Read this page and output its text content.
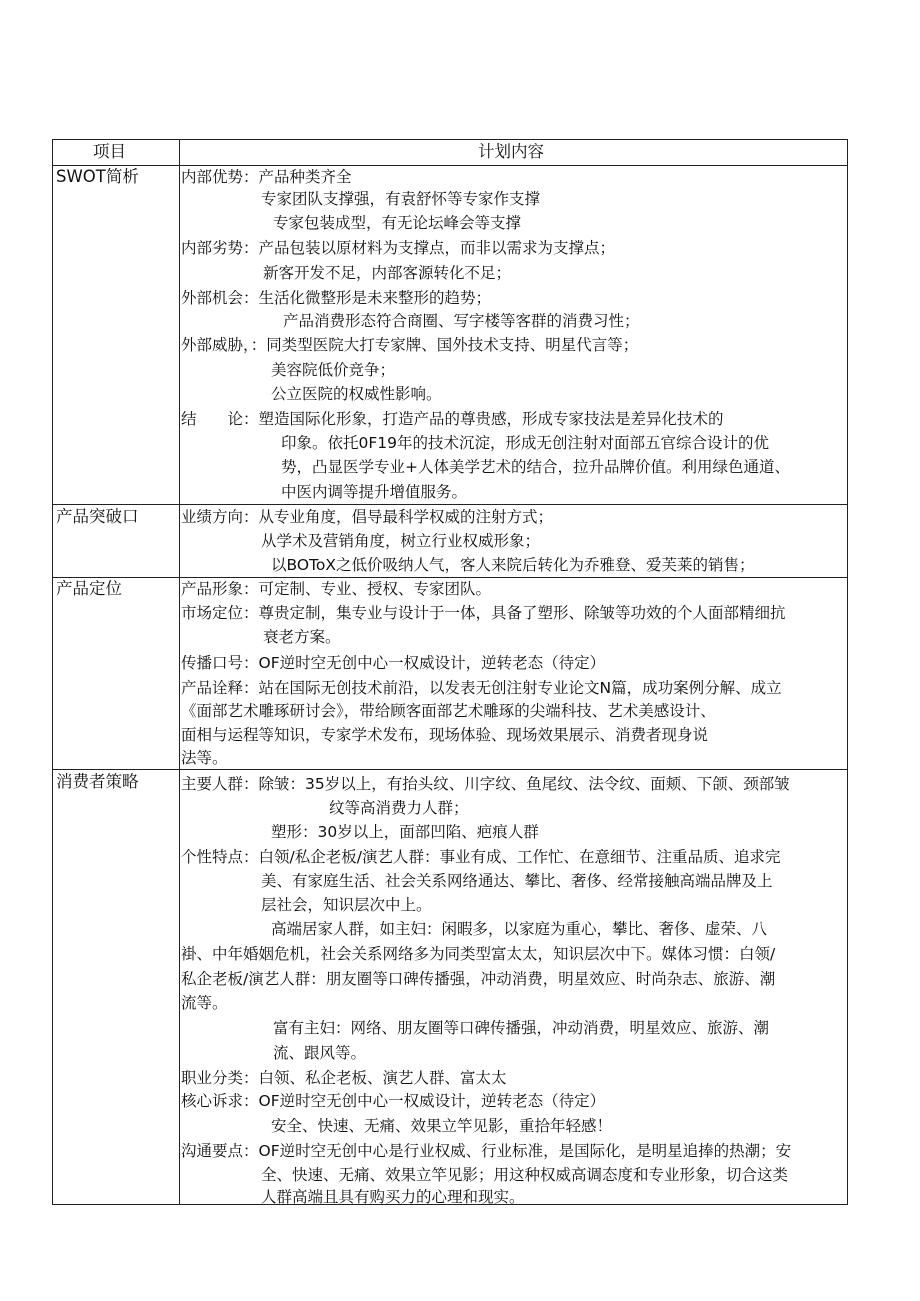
项目	计划内容
SWOT简析	内部优势：产品种类齐全
专家团队支撑强，有袁舒怀等专家作支撑
专家包装成型，有无论坛峰会等支撑
内部劣势：产品包装以原材料为支撑点，而非以需求为支撑点；
新客开发不足，内部客源转化不足；
外部机会：生活化微整形是未来整形的趋势；
产品消费形态符合商圈、写字楼等客群的消费习性；
外部威胁，：同类型医院大打专家牌、国外技术支持、明星代言等；
美容院低价竞争；
公立医院的权威性影响。
结　　论：塑造国际化形象，打造产品的尊贵感，形成专家技法是差异化技术的
印象。依托0F19年的技术沉淀，形成无创注射对面部五官综合设计的优
势，凸显医学专业+人体美学艺术的结合，拉升品牌价值。利用绿色通道、
中医内调等提升增值服务。
产品突破口	业绩方向：从专业角度，倡导最科学权威的注射方式；
从学术及营销角度，树立行业权威形象；
以BOToX之低价吸纳人气，客人来院后转化为乔雅登、爱芙莱的销售；
产品定位	产品形象：可定制、专业、授权、专家团队。
市场定位：尊贵定制，集专业与设计于一体，具备了塑形、除皱等功效的个人面部精细抗
衰老方案。
传播口号：OF逆时空无创中心一权威设计，逆转老态（待定）
产品诠释：站在国际无创技术前沿，以发表无创注射专业论文N篇，成功案例分解、成立
《面部艺术雕琢研讨会》，带给顾客面部艺术雕琢的尖端科技、艺术美感设计、
面相与运程等知识，专家学术发布，现场体验、现场效果展示、消费者现身说
法等。
消费者策略	主要人群：除皱：35岁以上，有抬头纹、川字纹、鱼尾纹、法令纹、面颊、下颌、颈部皱
纹等高消费力人群；
塑形：30岁以上，面部凹陷、疤痕人群
个性特点：白领/私企老板/演艺人群：事业有成、工作忙、在意细节、注重品质、追求完
美、有家庭生活、社会关系网络通达、攀比、奢侈、经常接触高端品牌及上
层社会，知识层次中上。
高端居家人群，如主妇：闲暇多，以家庭为重心，攀比、奢侈、虚荣、八
褂、中年婚姻危机，社会关系网络多为同类型富太太，知识层次中下。媒体习惯：白领/
私企老板/演艺人群：朋友圈等口碑传播强，冲动消费，明星效应、时尚杂志、旅游、潮
流等。
富有主妇：网络、朋友圈等口碑传播强，冲动消费，明星效应、旅游、潮
流、跟风等。
职业分类：白领、私企老板、演艺人群、富太太
核心诉求：OF逆时空无创中心一权威设计，逆转老态（待定）
安全、快速、无痛、效果立竿见影，重拾年轻感！
沟通要点：OF逆时空无创中心是行业权威、行业标准，是国际化，是明星追捧的热潮；安
全、快速、无痛、效果立竿见影；用这种权威高调态度和专业形象，切合这类
人群高端且具有购买力的心理和现实。
